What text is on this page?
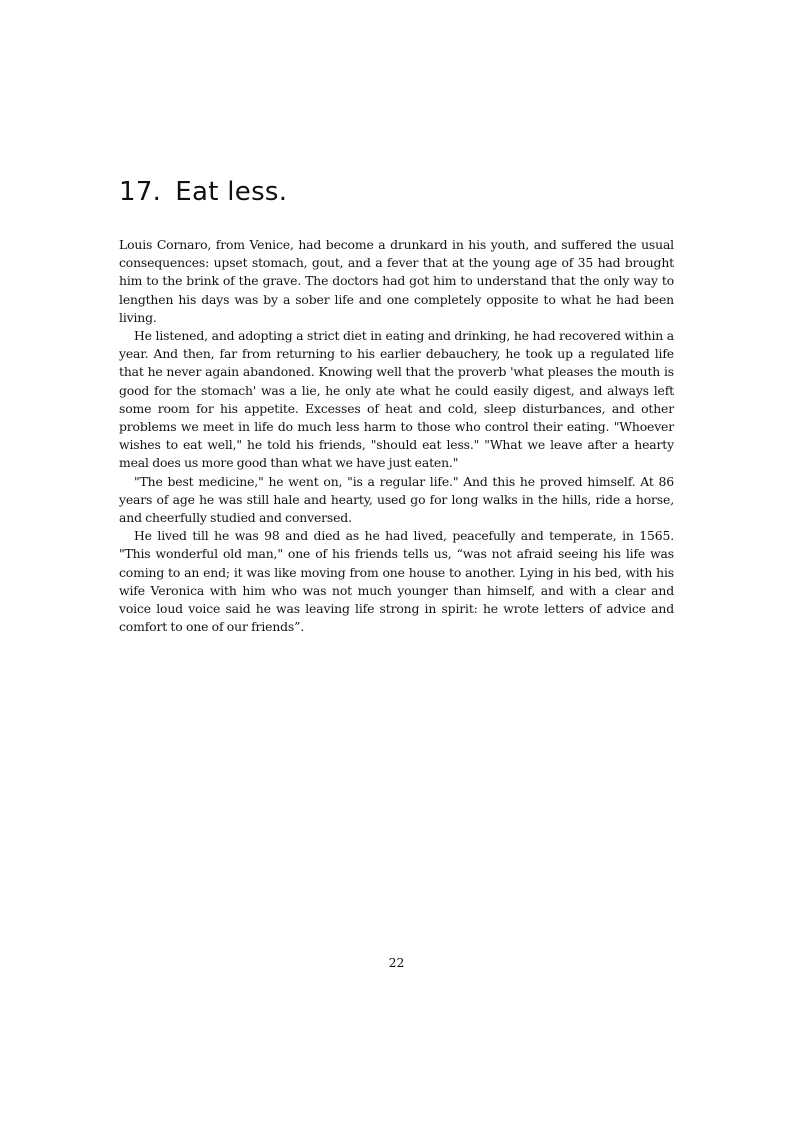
17. Eat less.

Louis Cornaro, from Venice, had become a drunkard in his youth, and suffered the usual consequences: upset stomach, gout, and a fever that at the young age of 35 had brought him to the brink of the grave. The doctors had got him to understand that the only way to lengthen his days was by a sober life and one completely opposite to what he had been living.

He listened, and adopting a strict diet in eating and drinking, he had recovered within a year. And then, far from returning to his earlier debauchery, he took up a regulated life that he never again abandoned. Knowing well that the proverb 'what pleases the mouth is good for the stomach' was a lie, he only ate what he could easily digest, and always left some room for his appetite. Excesses of heat and cold, sleep disturbances, and other problems we meet in life do much less harm to those who control their eating. "Whoever wishes to eat well," he told his friends, "should eat less." "What we leave after a hearty meal does us more good than what we have just eaten."

"The best medicine," he went on, "is a regular life." And this he proved himself. At 86 years of age he was still hale and hearty, used go for long walks in the hills, ride a horse, and cheerfully studied and conversed.

He lived till he was 98 and died as he had lived, peacefully and temperate, in 1565. "This wonderful old man," one of his friends tells us, “was not afraid seeing his life was coming to an end; it was like moving from one house to another. Lying in his bed, with his wife Veronica with him who was not much younger than himself, and with a clear and voice loud voice said he was leaving life strong in spirit: he wrote letters of advice and comfort to one of our friends”.

22
